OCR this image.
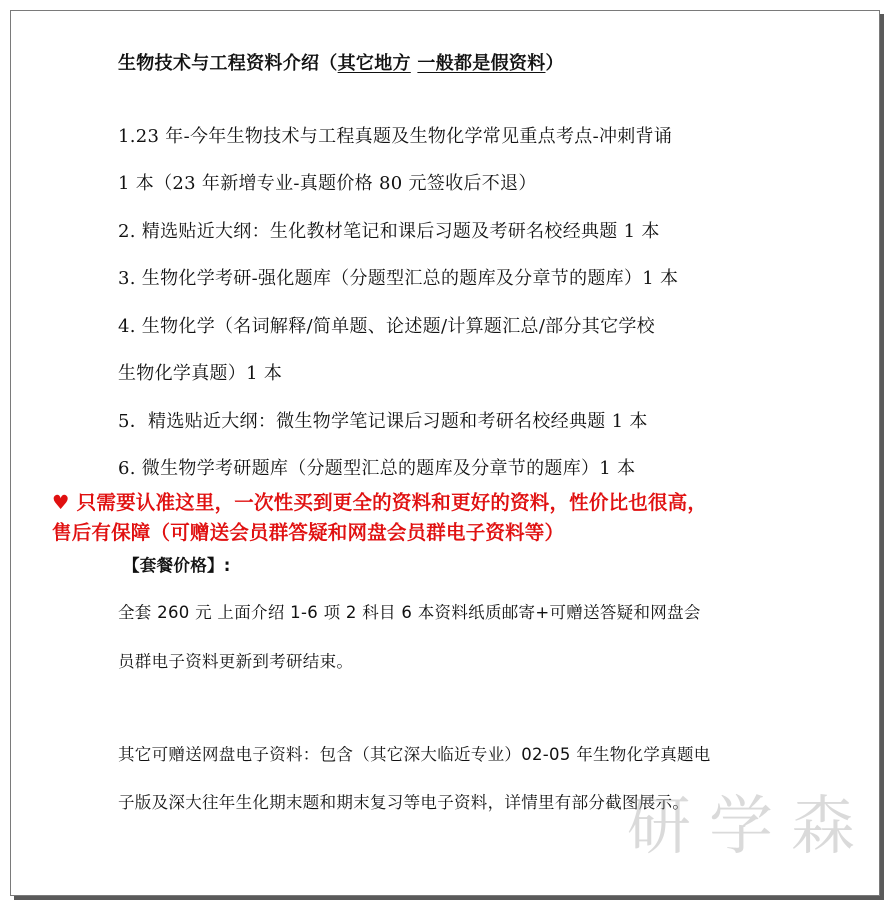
生物技术与工程资料介绍（其它地方 一般都是假资料）
1.23 年-今年生物技术与工程真题及生物化学常见重点考点-冲刺背诵
1 本（23 年新增专业-真题价格 80 元签收后不退）
2. 精选贴近大纲：生化教材笔记和课后习题及考研名校经典题 1 本
3. 生物化学考研-强化题库（分题型汇总的题库及分章节的题库）1 本
4. 生物化学（名词解释/简单题、论述题/计算题汇总/部分其它学校
生物化学真题）1 本
5．精选贴近大纲：微生物学笔记课后习题和考研名校经典题 1 本
6. 微生物学考研题库（分题型汇总的题库及分章节的题库）1 本
【套餐价格】:
全套 260 元 上面介绍 1-6 项 2 科目 6 本资料纸质邮寄+可赠送答疑和网盘会
员群电子资料更新到考研结束。
其它可赠送网盘电子资料：包含（其它深大临近专业）02-05 年生物化学真题电
子版及深大往年生化期末题和期末复习等电子资料，详情里有部分截图展示。
研学森
♥ 只需要认准这里，一次性买到更全的资料和更好的资料，性价比也很高，
售后有保障（可赠送会员群答疑和网盘会员群电子资料等）
